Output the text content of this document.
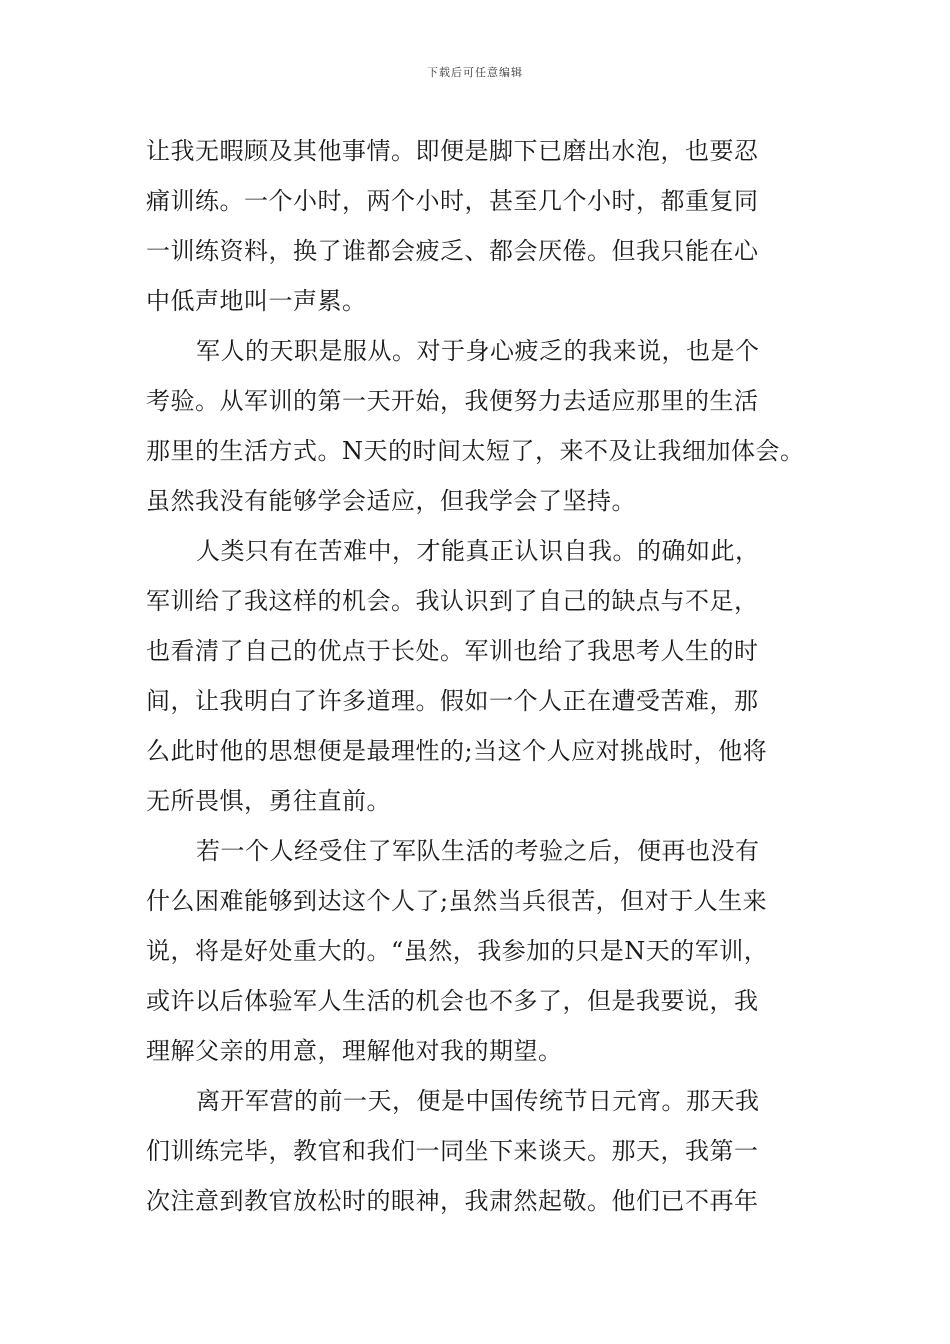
下载后可任意编辑
让我无暇顾及其他事情。即便是脚下已磨出水泡，也要忍
痛训练。一个小时，两个小时，甚至几个小时，都重复同
一训练资料，换了谁都会疲乏、都会厌倦。但我只能在心
中低声地叫一声累。
军人的天职是服从。对于身心疲乏的我来说，也是个
考验。从军训的第一天开始，我便努力去适应那里的生活
那里的生活方式。N天的时间太短了，来不及让我细加体会。
虽然我没有能够学会适应，但我学会了坚持。
人类只有在苦难中，才能真正认识自我。的确如此，
军训给了我这样的机会。我认识到了自己的缺点与不足，
也看清了自己的优点于长处。军训也给了我思考人生的时
间，让我明白了许多道理。假如一个人正在遭受苦难，那
么此时他的思想便是最理性的;当这个人应对挑战时，他将
无所畏惧，勇往直前。
若一个人经受住了军队生活的考验之后，便再也没有
什么困难能够到达这个人了;虽然当兵很苦，但对于人生来
说，将是好处重大的。“虽然，我参加的只是N天的军训，
或许以后体验军人生活的机会也不多了，但是我要说，我
理解父亲的用意，理解他对我的期望。
离开军营的前一天，便是中国传统节日元宵。那天我
们训练完毕，教官和我们一同坐下来谈天。那天，我第一
次注意到教官放松时的眼神，我肃然起敬。他们已不再年
